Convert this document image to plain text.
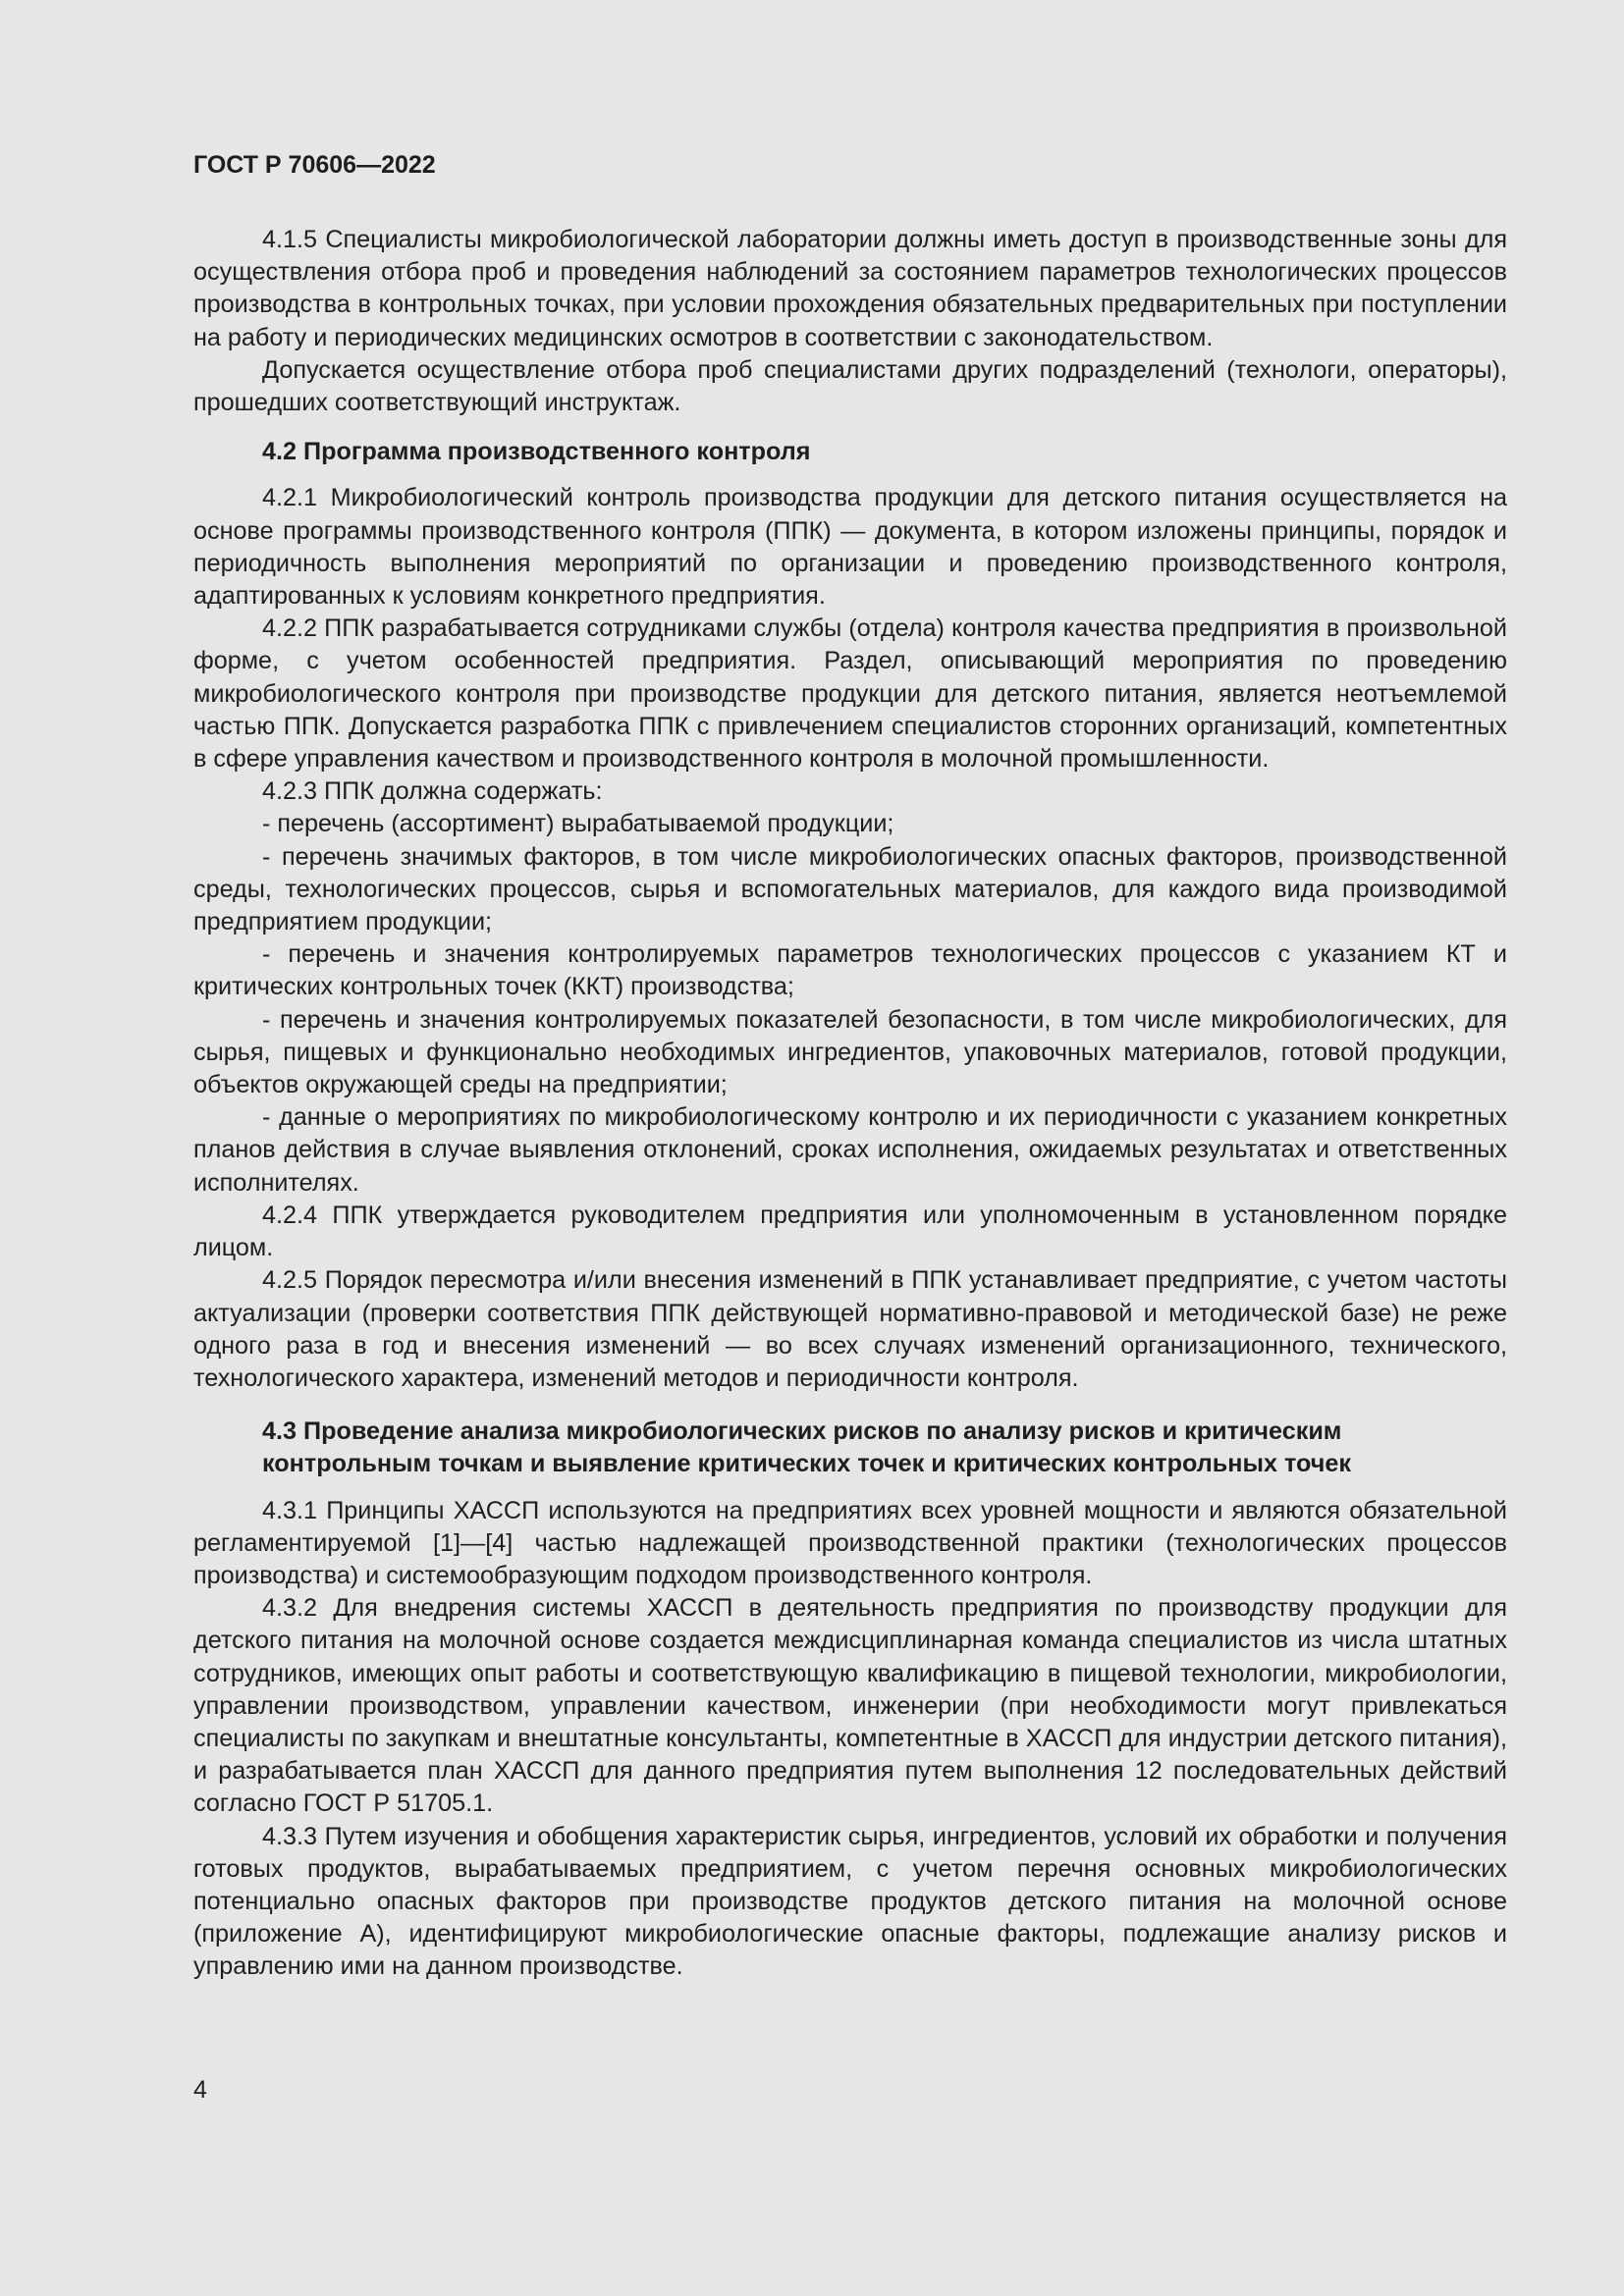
ГОСТ Р 70606—2022

4.1.5 Специалисты микробиологической лаборатории должны иметь доступ в производственные зоны для осуществления отбора проб и проведения наблюдений за состоянием параметров технологических процессов производства в контрольных точках, при условии прохождения обязательных предварительных при поступлении на работу и периодических медицинских осмотров в соответствии с законодательством.

Допускается осуществление отбора проб специалистами других подразделений (технологи, операторы), прошедших соответствующий инструктаж.

4.2 Программа производственного контроля

4.2.1 Микробиологический контроль производства продукции для детского питания осуществляется на основе программы производственного контроля (ППК) — документа, в котором изложены принципы, порядок и периодичность выполнения мероприятий по организации и проведению производственного контроля, адаптированных к условиям конкретного предприятия.

4.2.2 ППК разрабатывается сотрудниками службы (отдела) контроля качества предприятия в произвольной форме, с учетом особенностей предприятия. Раздел, описывающий мероприятия по проведению микробиологического контроля при производстве продукции для детского питания, является неотъемлемой частью ППК. Допускается разработка ППК с привлечением специалистов сторонних организаций, компетентных в сфере управления качеством и производственного контроля в молочной промышленности.

4.2.3 ППК должна содержать:

- перечень (ассортимент) вырабатываемой продукции;

- перечень значимых факторов, в том числе микробиологических опасных факторов, производственной среды, технологических процессов, сырья и вспомогательных материалов, для каждого вида производимой предприятием продукции;

- перечень и значения контролируемых параметров технологических процессов с указанием КТ и критических контрольных точек (ККТ) производства;

- перечень и значения контролируемых показателей безопасности, в том числе микробиологических, для сырья, пищевых и функционально необходимых ингредиентов, упаковочных материалов, готовой продукции, объектов окружающей среды на предприятии;

- данные о мероприятиях по микробиологическому контролю и их периодичности с указанием конкретных планов действия в случае выявления отклонений, сроках исполнения, ожидаемых результатах и ответственных исполнителях.

4.2.4 ППК утверждается руководителем предприятия или уполномоченным в установленном порядке лицом.

4.2.5 Порядок пересмотра и/или внесения изменений в ППК устанавливает предприятие, с учетом частоты актуализации (проверки соответствия ППК действующей нормативно-правовой и методической базе) не реже одного раза в год и внесения изменений — во всех случаях изменений организационного, технического, технологического характера, изменений методов и периодичности контроля.

4.3 Проведение анализа микробиологических рисков по анализу рисков и критическим контрольным точкам и выявление критических точек и критических контрольных точек

4.3.1 Принципы ХАССП используются на предприятиях всех уровней мощности и являются обязательной регламентируемой [1]—[4] частью надлежащей производственной практики (технологических процессов производства) и системообразующим подходом производственного контроля.

4.3.2 Для внедрения системы ХАССП в деятельность предприятия по производству продукции для детского питания на молочной основе создается междисциплинарная команда специалистов из числа штатных сотрудников, имеющих опыт работы и соответствующую квалификацию в пищевой технологии, микробиологии, управлении производством, управлении качеством, инженерии (при необходимости могут привлекаться специалисты по закупкам и внештатные консультанты, компетентные в ХАССП для индустрии детского питания), и разрабатывается план ХАССП для данного предприятия путем выполнения 12 последовательных действий согласно ГОСТ Р 51705.1.

4.3.3 Путем изучения и обобщения характеристик сырья, ингредиентов, условий их обработки и получения готовых продуктов, вырабатываемых предприятием, с учетом перечня основных микробиологических потенциально опасных факторов при производстве продуктов детского питания на молочной основе (приложение А), идентифицируют микробиологические опасные факторы, подлежащие анализу рисков и управлению ими на данном производстве.

4
